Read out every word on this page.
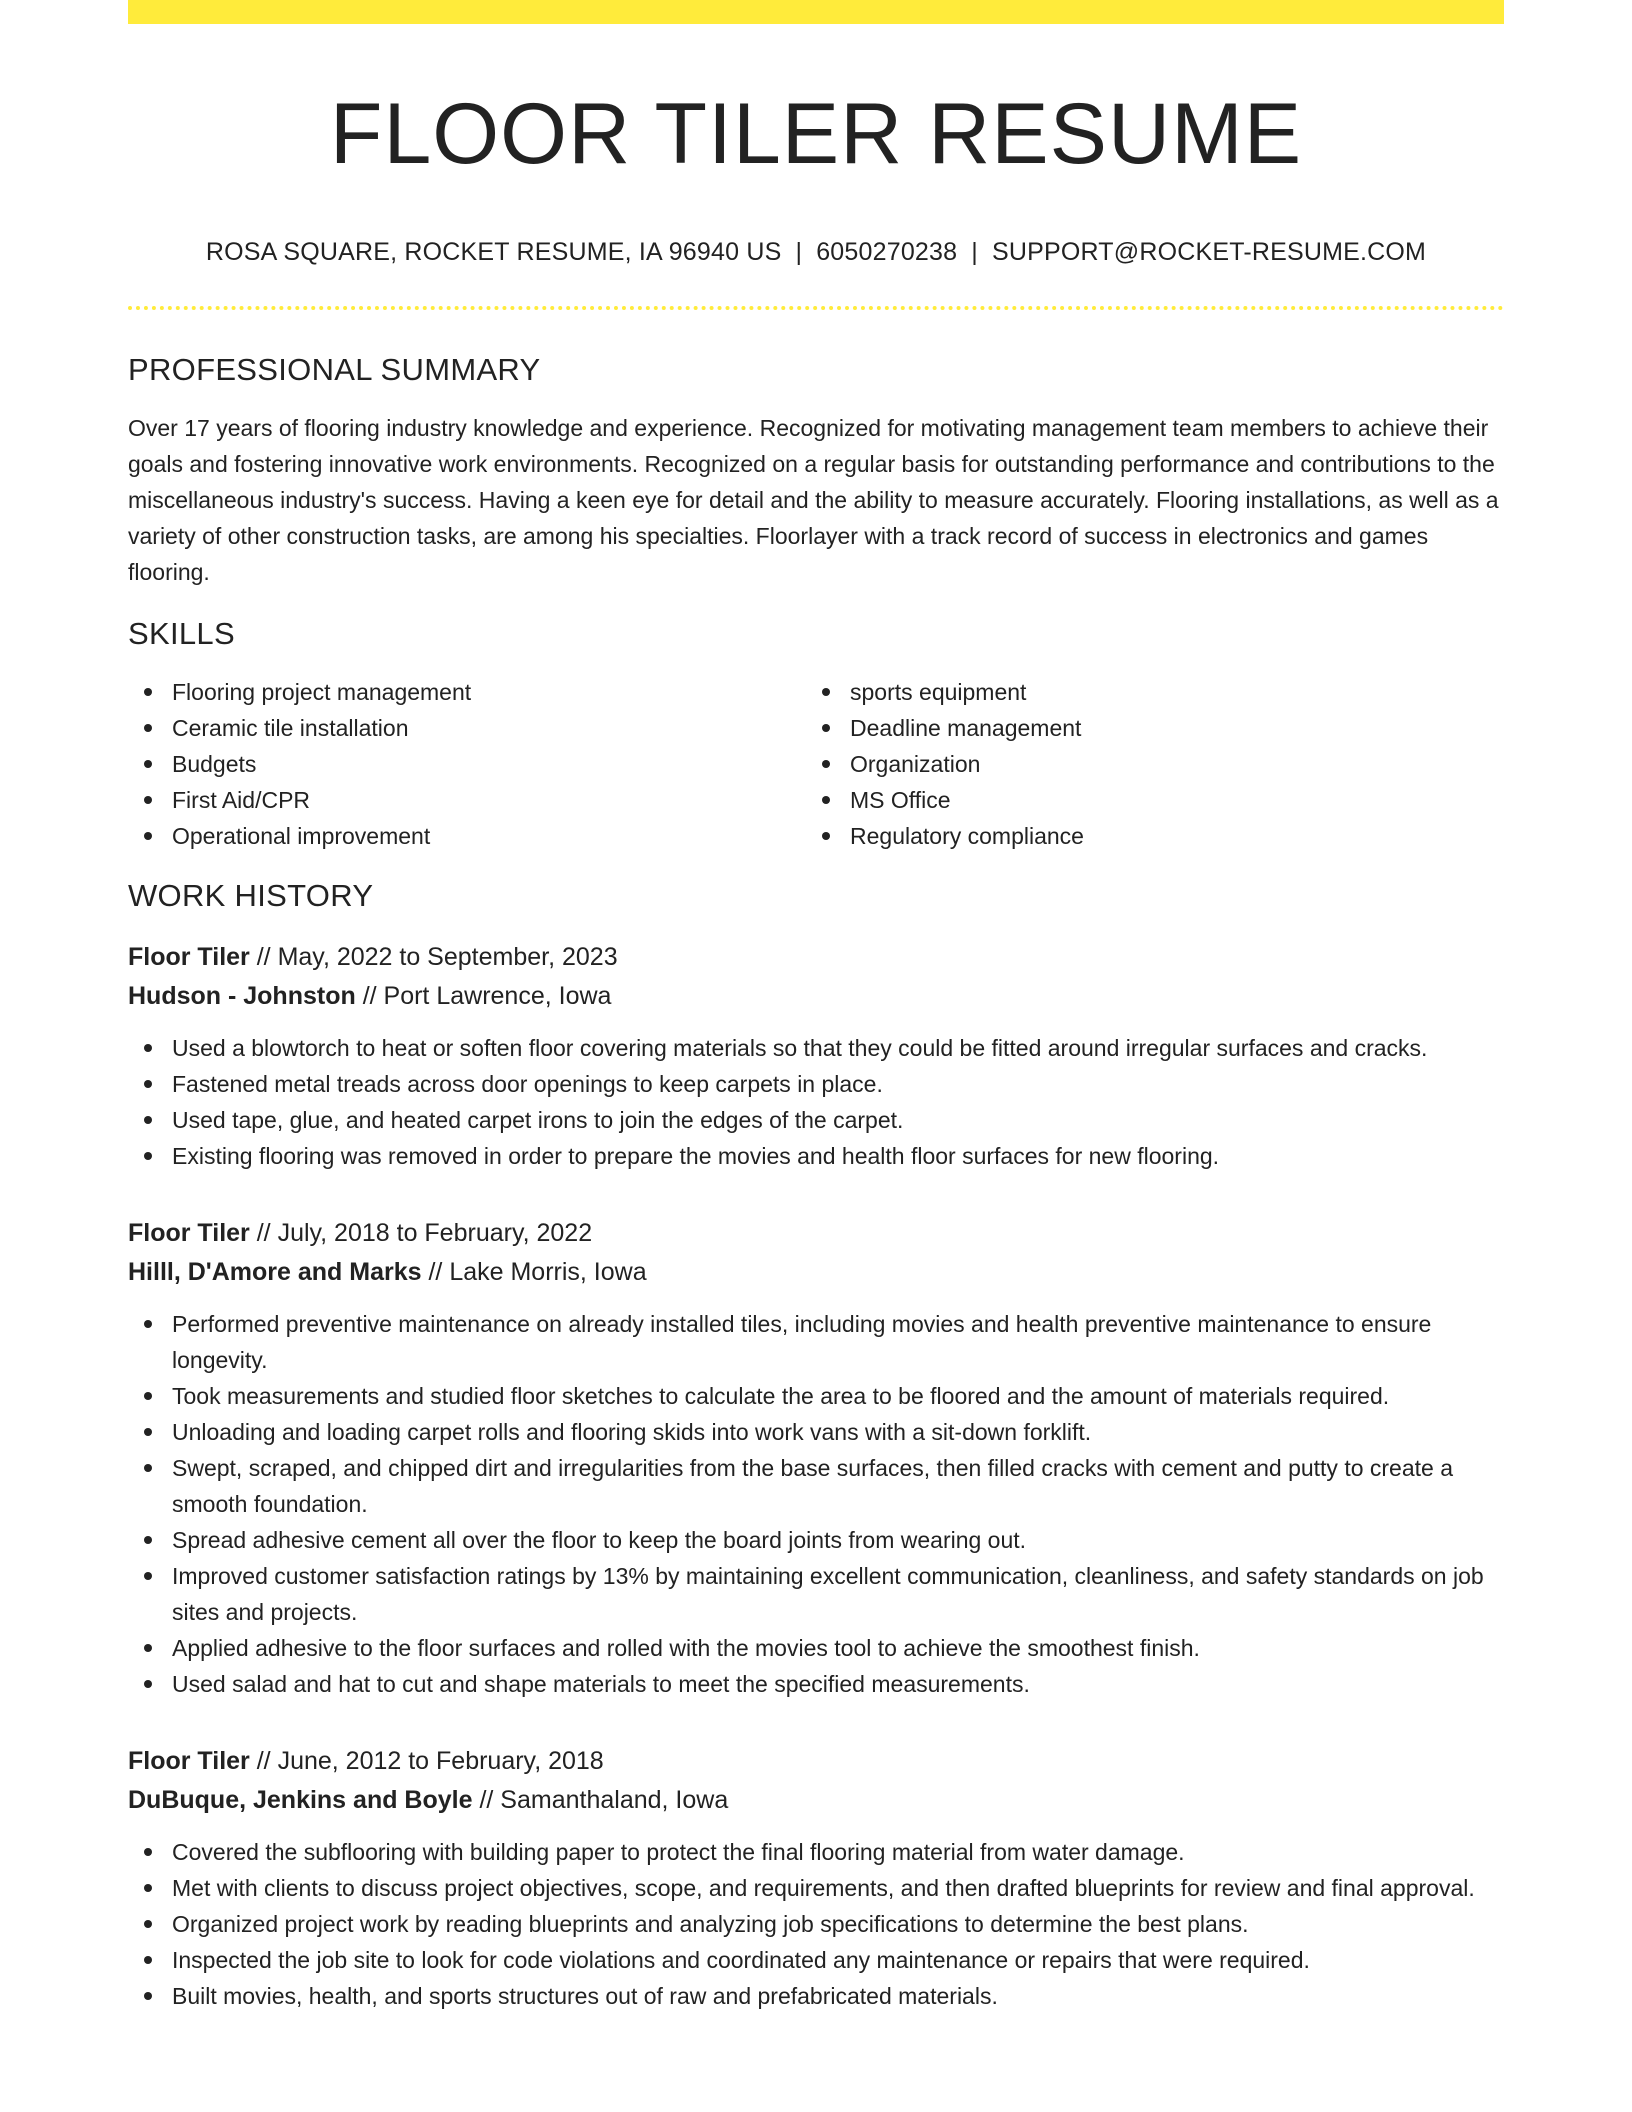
FLOOR TILER RESUME
ROSA SQUARE, ROCKET RESUME, IA 96940 US | 6050270238 | SUPPORT@ROCKET-RESUME.COM
PROFESSIONAL SUMMARY

Over 17 years of flooring industry knowledge and experience. Recognized for motivating management team members to achieve their goals and fostering innovative work environments. Recognized on a regular basis for outstanding performance and contributions to the miscellaneous industry's success. Having a keen eye for detail and the ability to measure accurately. Flooring installations, as well as a variety of other construction tasks, are among his specialties. Floorlayer with a track record of success in electronics and games flooring.

SKILLS
Flooring project management
Ceramic tile installation
Budgets
First Aid/CPR
Operational improvement
sports equipment
Deadline management
Organization
MS Office
Regulatory compliance
WORK HISTORY
Floor Tiler // May, 2022 to September, 2023
Hudson - Johnston // Port Lawrence, Iowa
Used a blowtorch to heat or soften floor covering materials so that they could be fitted around irregular surfaces and cracks.
Fastened metal treads across door openings to keep carpets in place.
Used tape, glue, and heated carpet irons to join the edges of the carpet.
Existing flooring was removed in order to prepare the movies and health floor surfaces for new flooring.
Floor Tiler // July, 2018 to February, 2022
Hilll, D'Amore and Marks // Lake Morris, Iowa
Performed preventive maintenance on already installed tiles, including movies and health preventive maintenance to ensure longevity.
Took measurements and studied floor sketches to calculate the area to be floored and the amount of materials required.
Unloading and loading carpet rolls and flooring skids into work vans with a sit-down forklift.
Swept, scraped, and chipped dirt and irregularities from the base surfaces, then filled cracks with cement and putty to create a smooth foundation.
Spread adhesive cement all over the floor to keep the board joints from wearing out.
Improved customer satisfaction ratings by 13% by maintaining excellent communication, cleanliness, and safety standards on job sites and projects.
Applied adhesive to the floor surfaces and rolled with the movies tool to achieve the smoothest finish.
Used salad and hat to cut and shape materials to meet the specified measurements.
Floor Tiler // June, 2012 to February, 2018
DuBuque, Jenkins and Boyle // Samanthaland, Iowa
Covered the subflooring with building paper to protect the final flooring material from water damage.
Met with clients to discuss project objectives, scope, and requirements, and then drafted blueprints for review and final approval.
Organized project work by reading blueprints and analyzing job specifications to determine the best plans.
Inspected the job site to look for code violations and coordinated any maintenance or repairs that were required.
Built movies, health, and sports structures out of raw and prefabricated materials.
